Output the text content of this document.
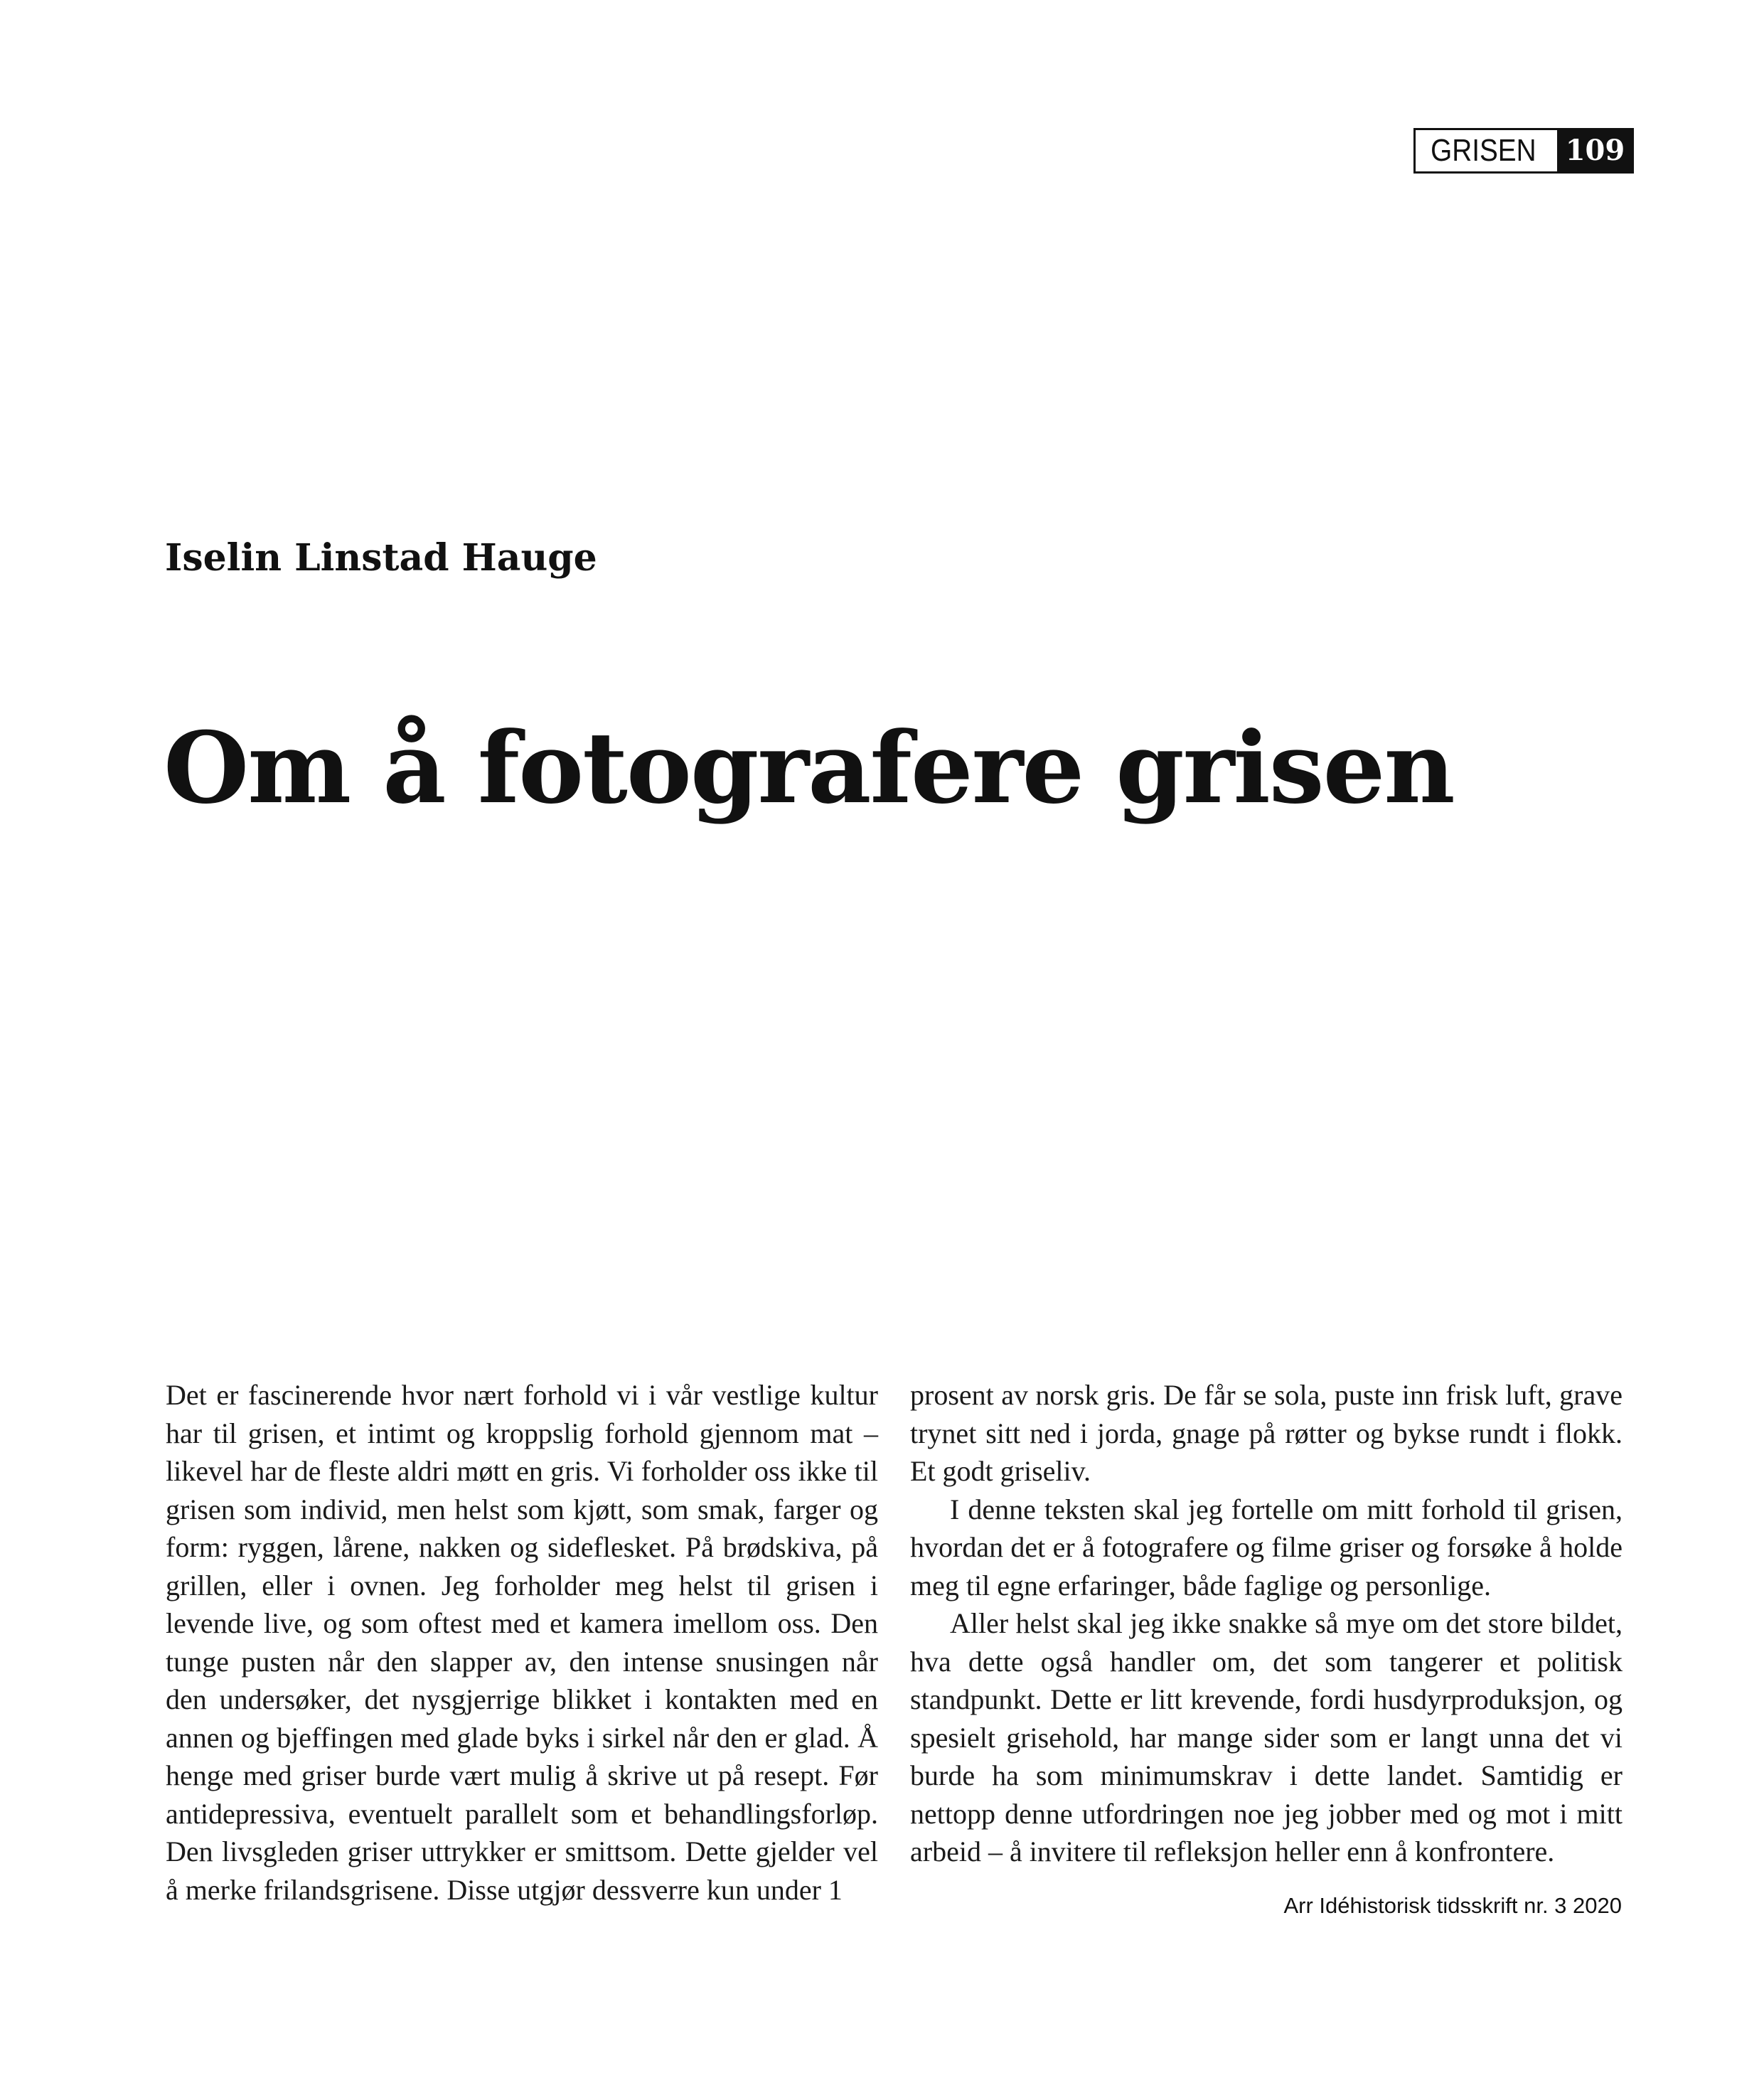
GRISEN	109
Iselin Linstad Hauge
Om å fotografere grisen

Det er fascinerende hvor nært forhold vi i vår vestlige kultur har til grisen, et intimt og kroppslig forhold gjennom mat – likevel har de fleste aldri møtt en gris. Vi forholder oss ikke til grisen som individ, men helst som kjøtt, som smak, farger og form: ryggen, lårene, nakken og sideflesket. På brødskiva, på grillen, eller i ovnen. Jeg forholder meg helst til grisen i levende live, og som oftest med et kamera imellom oss. Den tunge pusten når den slapper av, den intense snusingen når den undersøker, det nysgjerrige blikket i kontakten med en annen og bjeffingen med glade byks i sirkel når den er glad. Å henge med griser burde vært mulig å skrive ut på resept. Før antidepressiva, eventuelt parallelt som et behandlingsforløp. Den livsgleden griser uttrykker er smittsom. Dette gjelder vel å merke frilandsgrisene. Disse utgjør dessverre kun under 1

prosent av norsk gris. De får se sola, puste inn frisk luft, grave trynet sitt ned i jorda, gnage på røtter og bykse rundt i flokk. Et godt griseliv.

I denne teksten skal jeg fortelle om mitt forhold til grisen, hvordan det er å fotografere og filme griser og forsøke å holde meg til egne erfaringer, både faglige og personlige.

Aller helst skal jeg ikke snakke så mye om det store bildet, hva dette også handler om, det som tangerer et politisk standpunkt. Dette er litt krevende, fordi husdyrproduksjon, og spesielt grisehold, har mange sider som er langt unna det vi burde ha som minimumskrav i dette landet. Samtidig er nettopp denne utfordringen noe jeg jobber med og mot i mitt arbeid – å invitere til refleksjon heller enn å konfrontere.

Arr Idéhistorisk tidsskrift nr. 3 2020
